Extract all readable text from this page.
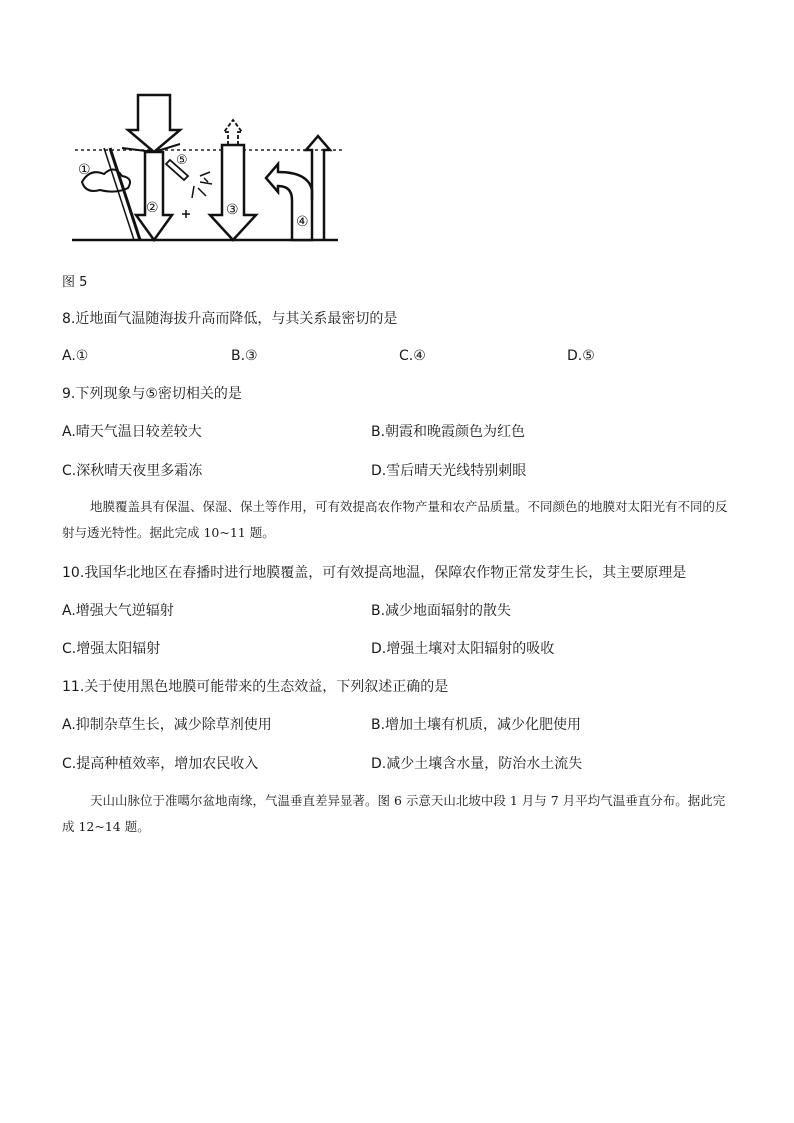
①
②
⑤
③
④
图 5
8.近地面气温随海拔升高而降低，与其关系最密切的是
A.①	B.③	C.④	D.⑤
9.下列现象与⑤密切相关的是
A.晴天气温日较差较大	B.朝霞和晚霞颜色为红色
C.深秋晴天夜里多霜冻	D.雪后晴天光线特别刺眼
地膜覆盖具有保温、保湿、保土等作用，可有效提高农作物产量和农产品质量。不同颜色的地膜对太阳光有不同的反射与透光特性。据此完成 10~11 题。
10.我国华北地区在春播时进行地膜覆盖，可有效提高地温，保障农作物正常发芽生长，其主要原理是
A.增强大气逆辐射	B.减少地面辐射的散失
C.增强太阳辐射	D.增强土壤对太阳辐射的吸收
11.关于使用黑色地膜可能带来的生态效益，下列叙述正确的是
A.抑制杂草生长，减少除草剂使用	B.增加土壤有机质，减少化肥使用
C.提高种植效率，增加农民收入	D.减少土壤含水量，防治水土流失
天山山脉位于准噶尔盆地南缘，气温垂直差异显著。图 6 示意天山北坡中段 1 月与 7 月平均气温垂直分布。据此完成 12~14 题。
